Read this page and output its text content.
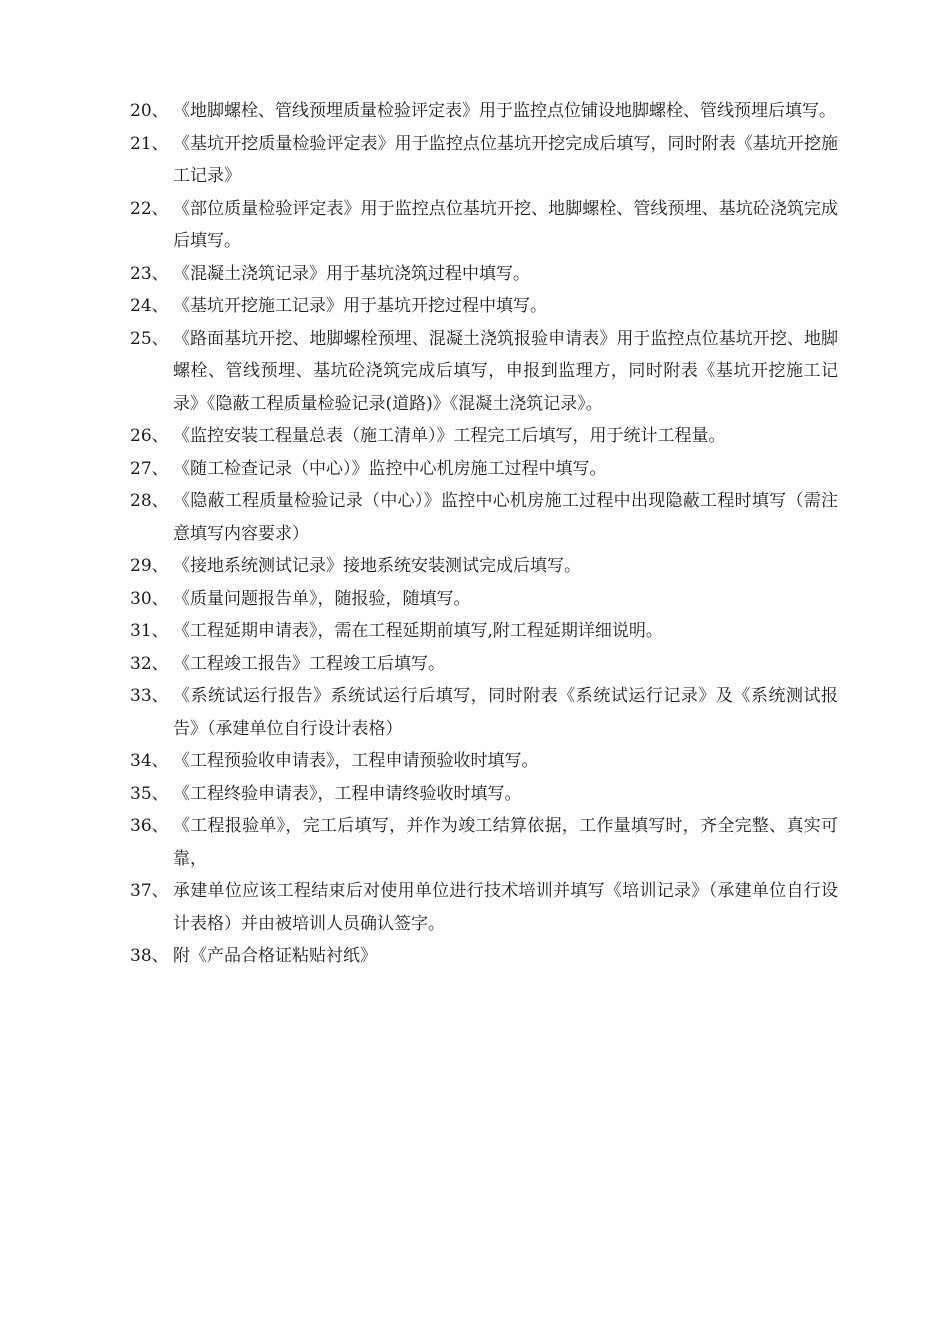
20、 《地脚螺栓、管线预埋质量检验评定表》用于监控点位铺设地脚螺栓、管线预埋后填写。
21、 《基坑开挖质量检验评定表》用于监控点位基坑开挖完成后填写，同时附表《基坑开挖施工记录》
22、 《部位质量检验评定表》用于监控点位基坑开挖、地脚螺栓、管线预埋、基坑砼浇筑完成后填写。
23、 《混凝土浇筑记录》用于基坑浇筑过程中填写。
24、 《基坑开挖施工记录》用于基坑开挖过程中填写。
25、 《路面基坑开挖、地脚螺栓预埋、混凝土浇筑报验申请表》用于监控点位基坑开挖、地脚螺栓、管线预埋、基坑砼浇筑完成后填写，申报到监理方，同时附表《基坑开挖施工记录》《隐蔽工程质量检验记录(道路)》《混凝土浇筑记录》。
26、 《监控安装工程量总表（施工清单）》工程完工后填写，用于统计工程量。
27、 《随工检查记录（中心）》监控中心机房施工过程中填写。
28、 《隐蔽工程质量检验记录（中心）》监控中心机房施工过程中出现隐蔽工程时填写（需注意填写内容要求）
29、 《接地系统测试记录》接地系统安装测试完成后填写。
30、 《质量问题报告单》，随报验，随填写。
31、 《工程延期申请表》，需在工程延期前填写,附工程延期详细说明。
32、 《工程竣工报告》工程竣工后填写。
33、 《系统试运行报告》系统试运行后填写，同时附表《系统试运行记录》及《系统测试报告》（承建单位自行设计表格）
34、 《工程预验收申请表》，工程申请预验收时填写。
35、 《工程终验申请表》，工程申请终验收时填写。
36、 《工程报验单》，完工后填写，并作为竣工结算依据，工作量填写时，齐全完整、真实可靠，
37、 承建单位应该工程结束后对使用单位进行技术培训并填写《培训记录》（承建单位自行设计表格）并由被培训人员确认签字。
38、 附《产品合格证粘贴衬纸》
